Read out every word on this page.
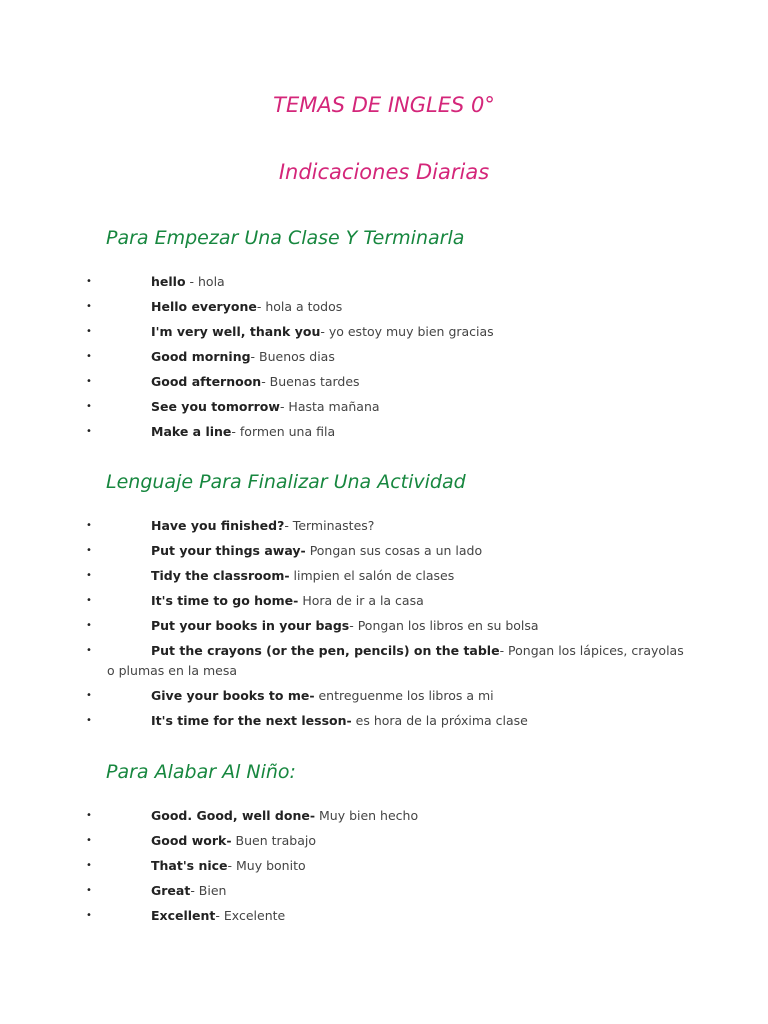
TEMAS DE INGLES 0°
Indicaciones Diarias
Para Empezar Una Clase Y Terminarla
•	hello - hola
•	Hello everyone- hola a todos
•	I'm very well, thank you- yo estoy muy bien gracias
•	Good morning- Buenos dias
•	Good afternoon- Buenas tardes
•	See you tomorrow- Hasta mañana
•	Make a line- formen una fila
Lenguaje Para Finalizar Una Actividad
•	Have you finished?- Terminastes?
•	Put your things away- Pongan sus cosas a un lado
•	Tidy the classroom- limpien el salón de clases
•	It's time to go home- Hora de ir a la casa
•	Put your books in your bags- Pongan los libros en su bolsa
•	Put the crayons (or the pen, pencils) on the table- Pongan los lápices, crayolas
o plumas en la mesa
•	Give your books to me- entreguenme los libros a mi
•	It's time for the next lesson- es hora de la próxima clase
Para Alabar Al Niño:
•	Good. Good, well done- Muy bien hecho
•	Good work- Buen trabajo
•	That's nice- Muy bonito
•	Great- Bien
•	Excellent- Excelente
